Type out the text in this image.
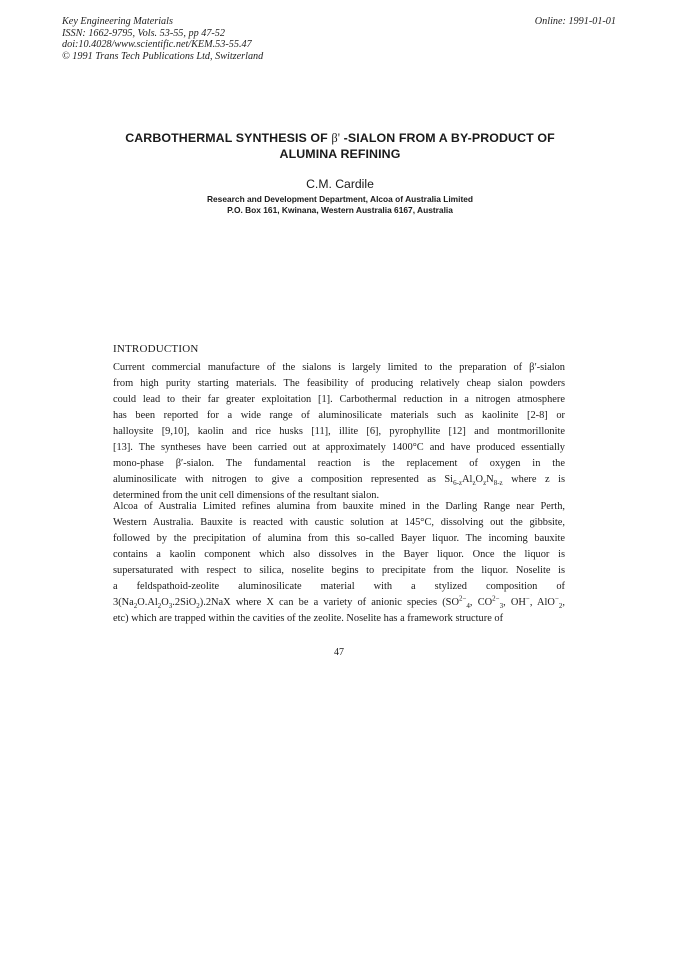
Key Engineering Materials
ISSN: 1662-9795, Vols. 53-55, pp 47-52
doi:10.4028/www.scientific.net/KEM.53-55.47
© 1991 Trans Tech Publications Ltd, Switzerland
Online: 1991-01-01
CARBOTHERMAL SYNTHESIS OF β' -SIALON FROM A BY-PRODUCT OF
ALUMINA REFINING
C.M. Cardile
Research and Development Department, Alcoa of Australia Limited
P.O. Box 161, Kwinana, Western Australia 6167, Australia
INTRODUCTION
Current commercial manufacture of the sialons is largely limited to the preparation of β′-sialon
from high purity starting materials. The feasibility of producing relatively cheap sialon powders
could lead to their far greater exploitation [1]. Carbothermal reduction in a nitrogen atmosphere
has been reported for a wide range of aluminosilicate materials such as kaolinite [2-8] or
halloysite [9,10], kaolin and rice husks [11], illite [6], pyrophyllite [12] and montmorillonite
[13]. The syntheses have been carried out at approximately 1400°C and have produced essentially
mono-phase β′-sialon. The fundamental reaction is the replacement of oxygen in the
aluminosilicate with nitrogen to give a composition represented as $Si_{6-z}Al_zO_zN_{8-z}$ where z is
determined from the unit cell dimensions of the resultant sialon.
Alcoa of Australia Limited refines alumina from bauxite mined in the Darling Range near Perth,
Western Australia. Bauxite is reacted with caustic solution at 145°C, dissolving out the gibbsite,
followed by the precipitation of alumina from this so-called Bayer liquor. The incoming bauxite
contains a kaolin component which also dissolves in the Bayer liquor. Once the liquor is
supersaturated with respect to silica, noselite begins to precipitate from the liquor. Noselite is
a   feldspathoid-zeolite   aluminosilicate   material   with   a   stylized   composition   of
$3(Na_2O.Al_2O_3.2SiO_2).2NaX$ where X can be a variety of anionic species ($SO^{2-}_4$, $CO^{2-}_3$, OH−, AlO−$_2$,
etc) which are trapped within the cavities of the zeolite. Noselite has a framework structure of
47
